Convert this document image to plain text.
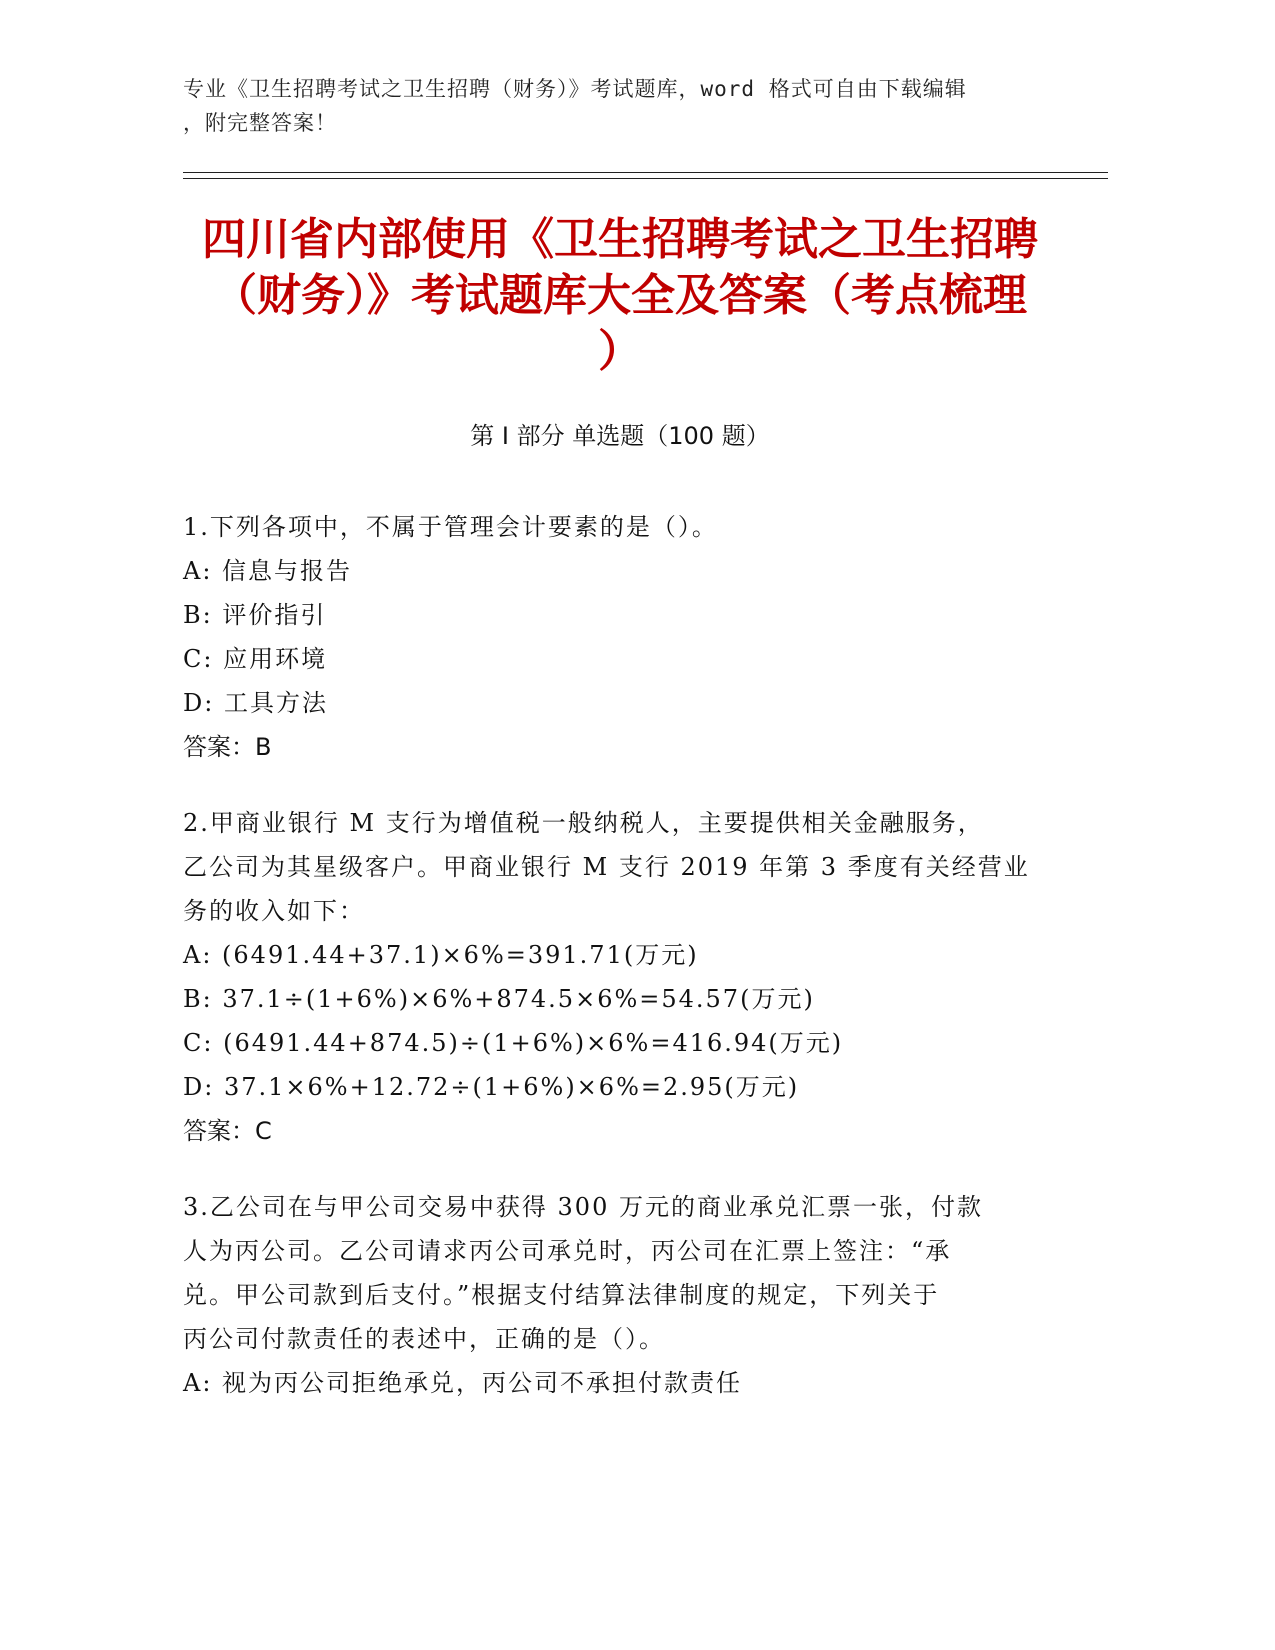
专业《卫生招聘考试之卫生招聘（财务）》考试题库，word 格式可自由下载编辑
，附完整答案！
四川省内部使用《卫生招聘考试之卫生招聘
（财务）》考试题库大全及答案（考点梳理
）
第 I 部分 单选题（100 题）
1.下列各项中，不属于管理会计要素的是（）。
A: 信息与报告
B: 评价指引
C: 应用环境
D: 工具方法
答案：B
2.甲商业银行 M 支行为增值税一般纳税人，主要提供相关金融服务，
乙公司为其星级客户。甲商业银行 M 支行 2019 年第 3 季度有关经营业
务的收入如下：
A: (6491.44+37.1)×6%=391.71(万元)
B: 37.1÷(1+6%)×6%+874.5×6%=54.57(万元)
C: (6491.44+874.5)÷(1+6%)×6%=416.94(万元)
D: 37.1×6%+12.72÷(1+6%)×6%=2.95(万元)
答案：C
3.乙公司在与甲公司交易中获得 300 万元的商业承兑汇票一张，付款
人为丙公司。乙公司请求丙公司承兑时，丙公司在汇票上签注：“承
兑。甲公司款到后支付。”根据支付结算法律制度的规定，下列关于
丙公司付款责任的表述中，正确的是（）。
A: 视为丙公司拒绝承兑，丙公司不承担付款责任
